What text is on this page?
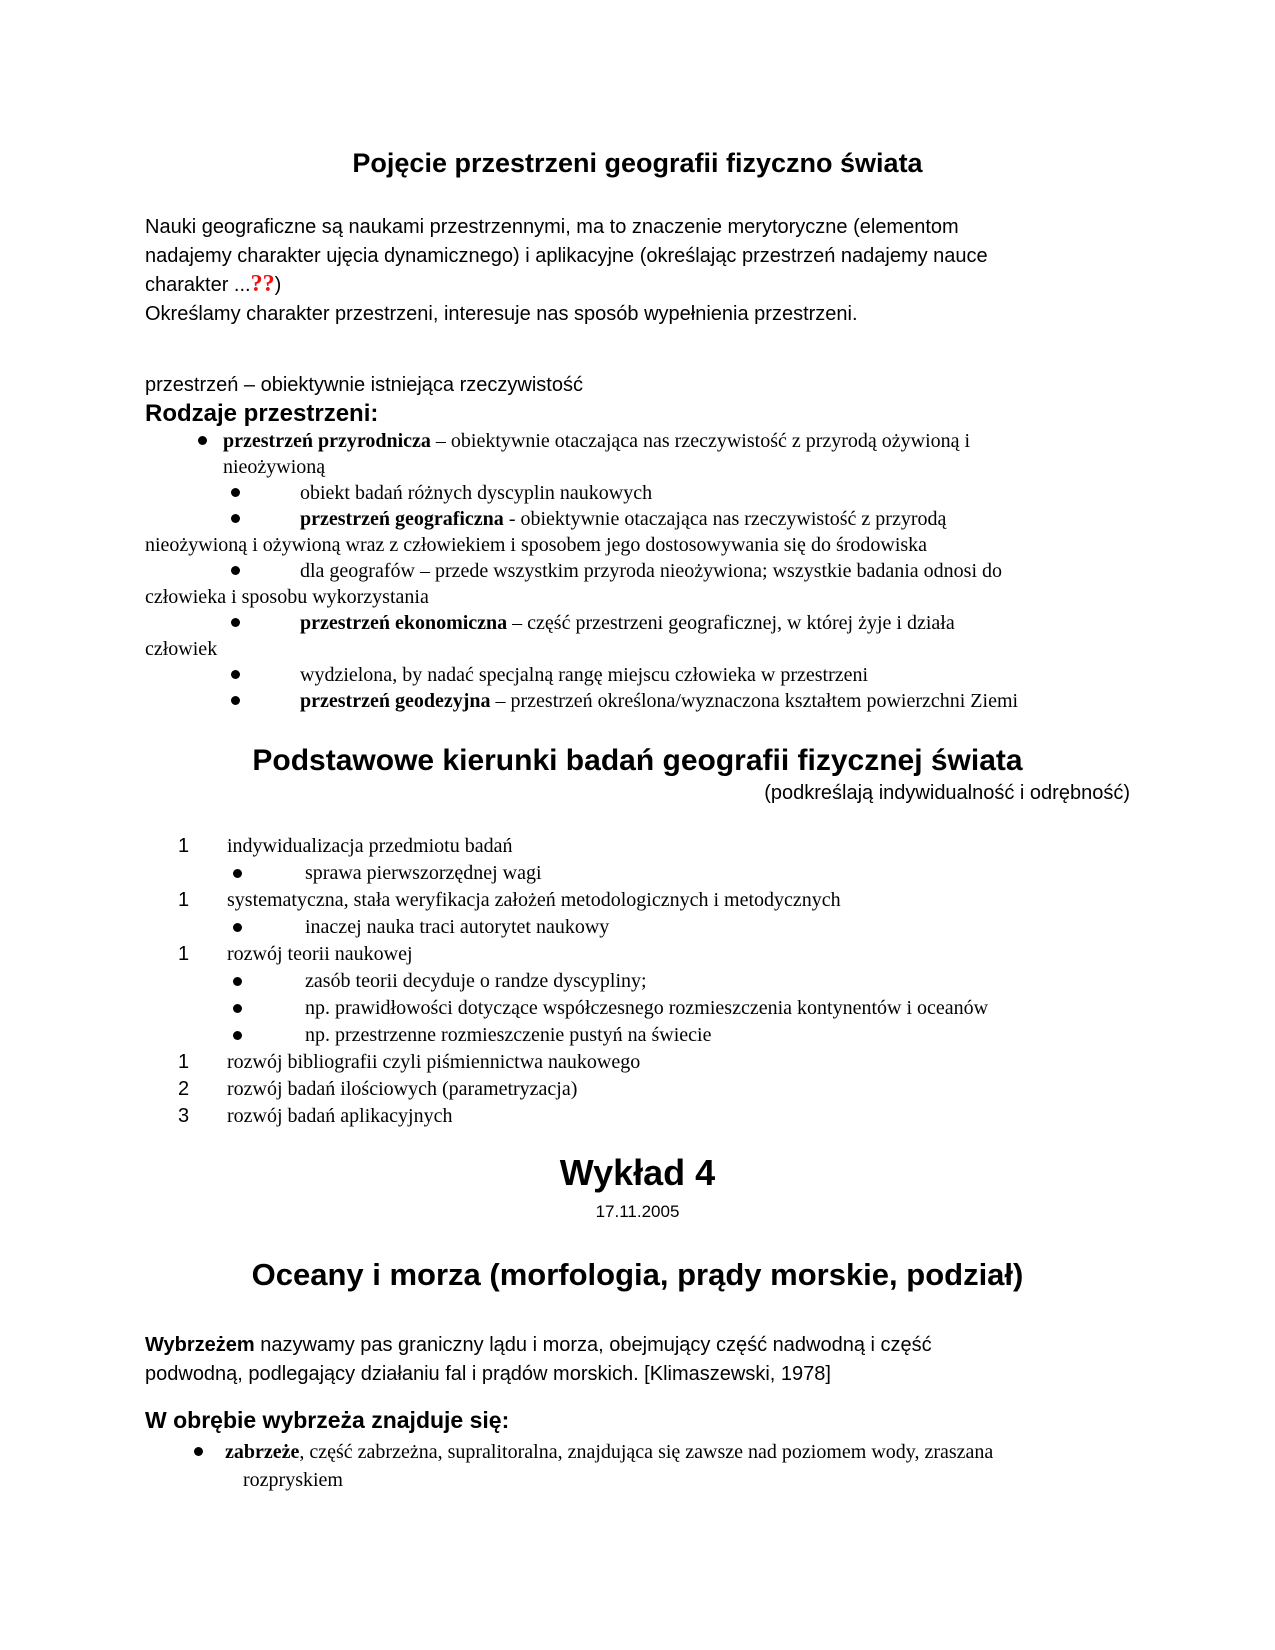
Pojęcie przestrzeni geografii fizyczno świata
Nauki geograficzne są naukami przestrzennymi, ma to znaczenie merytoryczne (elementom
nadajemy charakter ujęcia dynamicznego) i aplikacyjne (określając przestrzeń nadajemy nauce
charakter ...??)
Określamy charakter przestrzeni, interesuje nas sposób wypełnienia przestrzeni.
przestrzeń – obiektywnie istniejąca rzeczywistość
Rodzaje przestrzeni:
przestrzeń przyrodnicza – obiektywnie otaczająca nas rzeczywistość z przyrodą ożywioną i
nieożywioną
obiekt badań różnych dyscyplin naukowych
przestrzeń geograficzna - obiektywnie otaczająca nas rzeczywistość z przyrodą
nieożywioną i ożywioną wraz z człowiekiem i sposobem jego dostosowywania się do środowiska
dla geografów – przede wszystkim przyroda nieożywiona; wszystkie badania odnosi do
człowieka i sposobu wykorzystania
przestrzeń ekonomiczna – część przestrzeni geograficznej, w której żyje i działa
człowiek
wydzielona, by nadać specjalną rangę miejscu człowieka w przestrzeni
przestrzeń geodezyjna – przestrzeń określona/wyznaczona kształtem powierzchni Ziemi
Podstawowe kierunki badań geografii fizycznej świata
(podkreślają indywidualność i odrębność)
1 indywidualizacja przedmiotu badań
sprawa pierwszorzędnej wagi
1 systematyczna, stała weryfikacja założeń metodologicznych i metodycznych
inaczej nauka traci autorytet naukowy
1 rozwój teorii naukowej
zasób teorii decyduje o randze dyscypliny;
np. prawidłowości dotyczące współczesnego rozmieszczenia kontynentów i oceanów
np. przestrzenne rozmieszczenie pustyń na świecie
1 rozwój bibliografii czyli piśmiennictwa naukowego
2 rozwój badań ilościowych (parametryzacja)
3 rozwój badań aplikacyjnych
Wykład 4
17.11.2005
Oceany i morza (morfologia, prądy morskie, podział)
Wybrzeżem nazywamy pas graniczny lądu i morza, obejmujący część nadwodną i część
podwodną, podlegający działaniu fal i prądów morskich. [Klimaszewski, 1978]
W obrębie wybrzeża znajduje się:
zabrzeże, część zabrzeżna, supralitoralna, znajdująca się zawsze nad poziomem wody, zraszana
rozpryskiem
